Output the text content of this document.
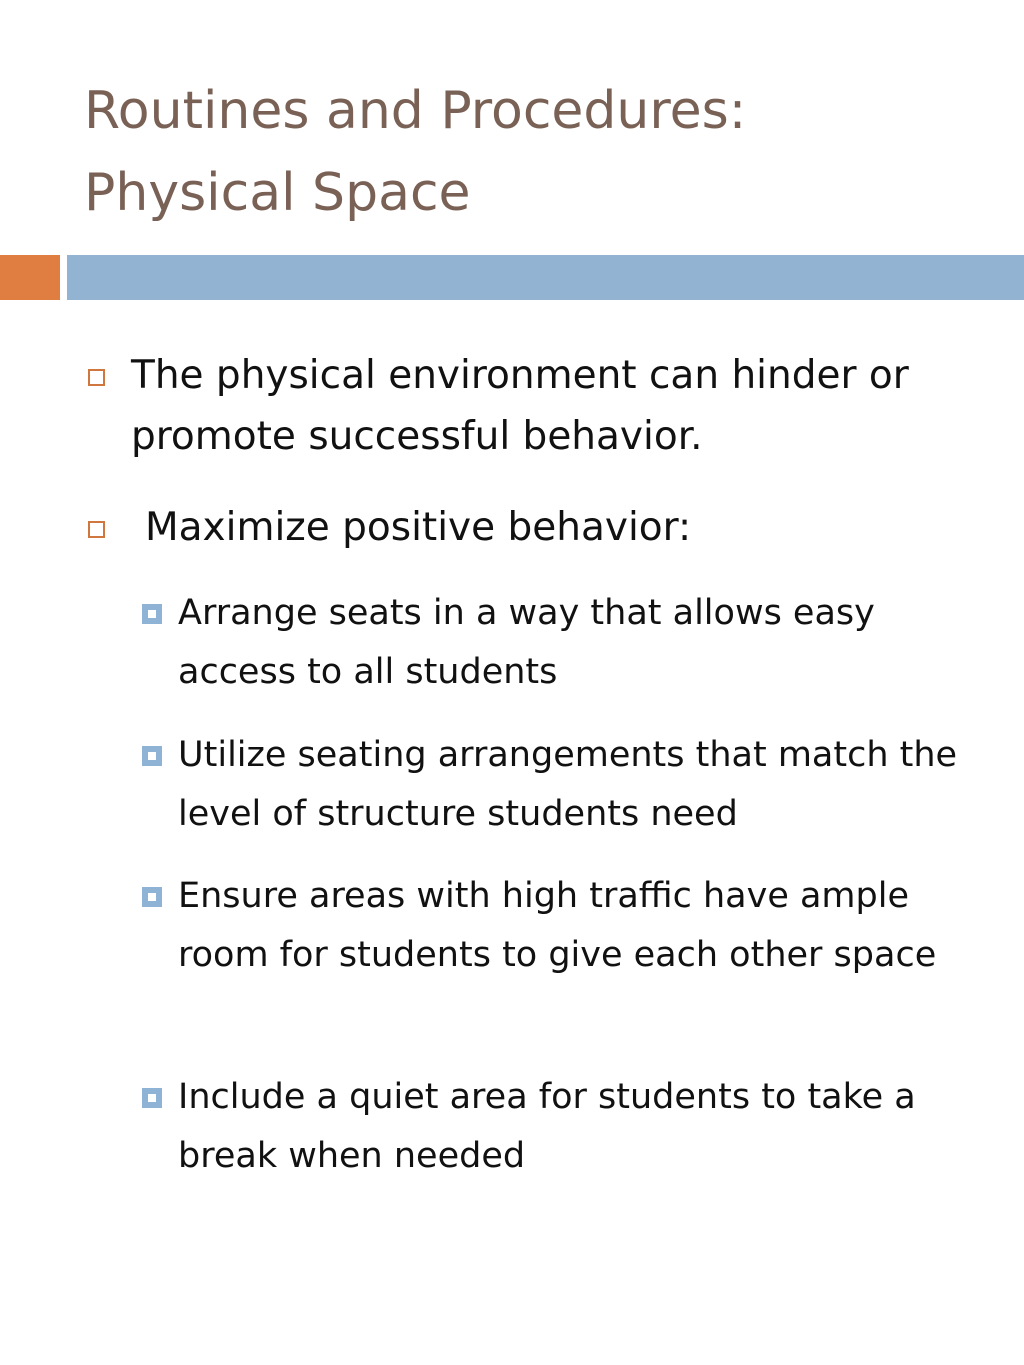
Routines and Procedures:
Physical Space
The physical environment can hinder or promote successful behavior.
Maximize positive behavior:
Arrange seats in a way that allows easy access to all students
Utilize seating arrangements that match the level of structure students need
Ensure areas with high traffic have ample room for students to give each other space
Include a quiet area for students to take a break when needed
